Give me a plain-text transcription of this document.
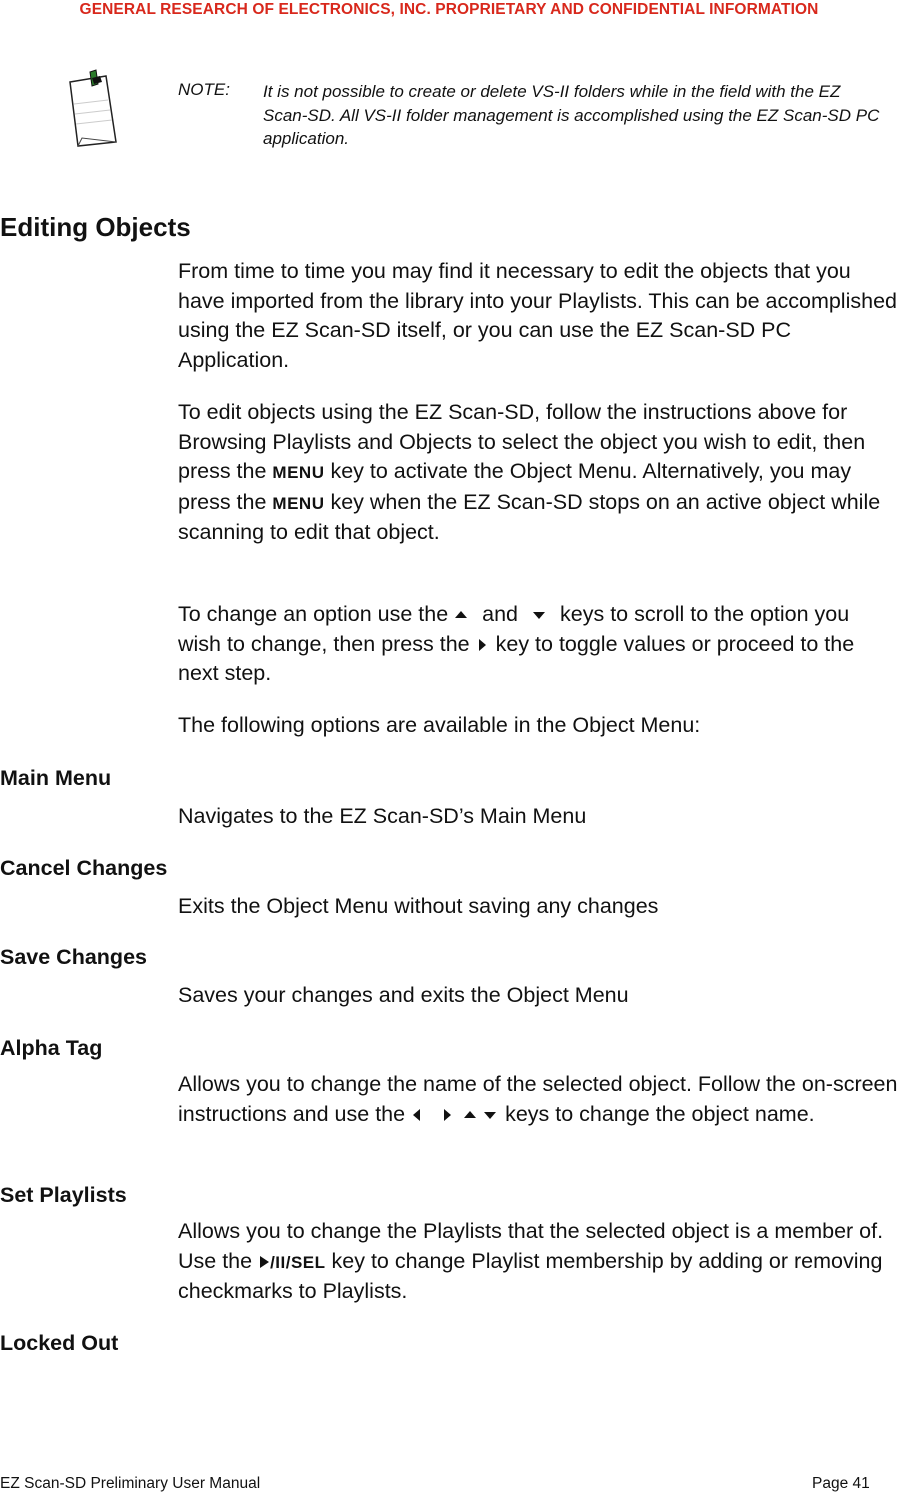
GENERAL RESEARCH OF ELECTRONICS, INC. PROPRIETARY AND CONFIDENTIAL INFORMATION
NOTE: It is not possible to create or delete VS-II folders while in the field with the EZ Scan-SD. All VS-II folder management is accomplished using the EZ Scan-SD PC application.
Editing Objects
From time to time you may find it necessary to edit the objects that you have imported from the library into your Playlists. This can be accomplished using the EZ Scan-SD itself, or you can use the EZ Scan-SD PC Application.
To edit objects using the EZ Scan-SD, follow the instructions above for Browsing Playlists and Objects to select the object you wish to edit, then press the MENU key to activate the Object Menu. Alternatively, you may press the MENU key when the EZ Scan-SD stops on an active object while scanning to edit that object.
To change an option use the and keys to scroll to the option you wish to change, then press the key to toggle values or proceed to the next step.
The following options are available in the Object Menu:
Main Menu
Navigates to the EZ Scan-SD’s Main Menu
Cancel Changes
Exits the Object Menu without saving any changes
Save Changes
Saves your changes and exits the Object Menu
Alpha Tag
Allows you to change the name of the selected object. Follow the on-screen instructions and use the	keys to change the object name.
Set Playlists
Allows you to change the Playlists that the selected object is a member of. Use the /II/SEL key to change Playlist membership by adding or removing checkmarks to Playlists.
Locked Out
EZ Scan-SD Preliminary User Manual	Page 41
